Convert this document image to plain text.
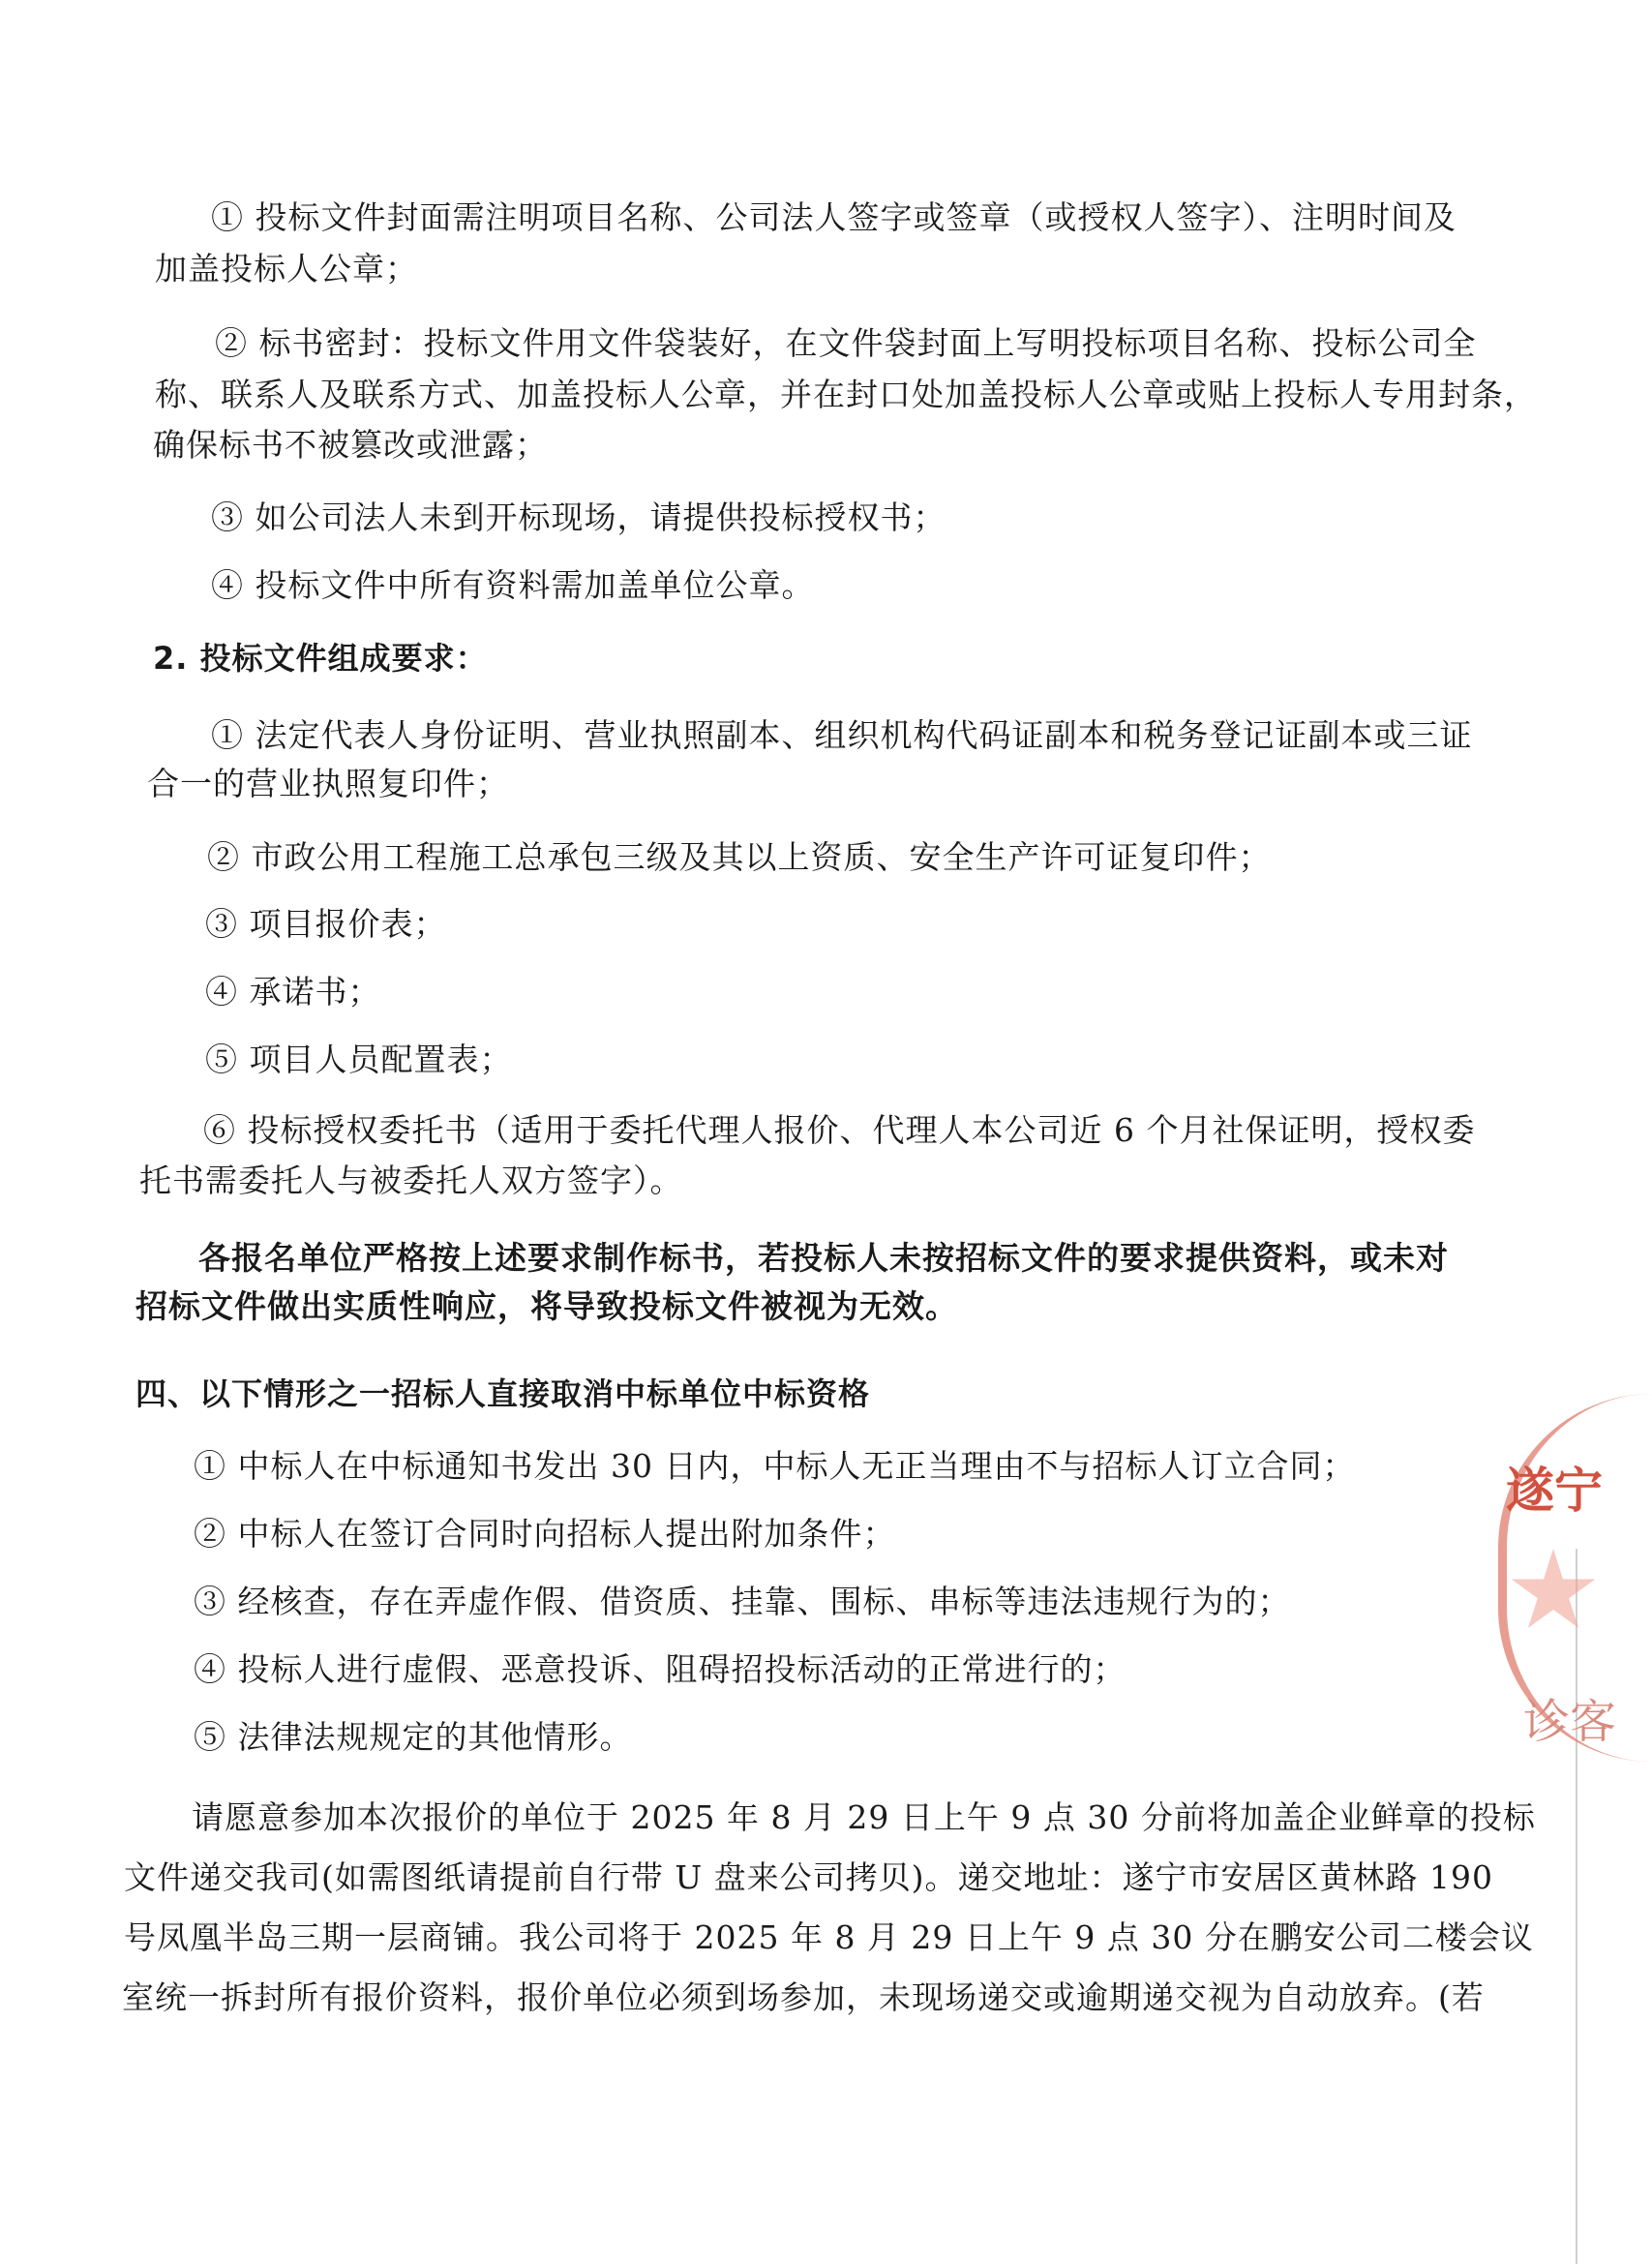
① 投标文件封面需注明项目名称、公司法人签字或签章（或授权人签字）、注明时间及
加盖投标人公章；
② 标书密封：投标文件用文件袋装好，在文件袋封面上写明投标项目名称、投标公司全
称、联系人及联系方式、加盖投标人公章，并在封口处加盖投标人公章或贴上投标人专用封条，
确保标书不被篡改或泄露；
③ 如公司法人未到开标现场，请提供投标授权书；
④ 投标文件中所有资料需加盖单位公章。
2. 投标文件组成要求：
① 法定代表人身份证明、营业执照副本、组织机构代码证副本和税务登记证副本或三证
合一的营业执照复印件；
② 市政公用工程施工总承包三级及其以上资质、安全生产许可证复印件；
③ 项目报价表；
④ 承诺书；
⑤ 项目人员配置表；
⑥ 投标授权委托书（适用于委托代理人报价、代理人本公司近 6 个月社保证明，授权委
托书需委托人与被委托人双方签字）。
各报名单位严格按上述要求制作标书，若投标人未按招标文件的要求提供资料，或未对
招标文件做出实质性响应，将导致投标文件被视为无效。
四、以下情形之一招标人直接取消中标单位中标资格
① 中标人在中标通知书发出 30 日内，中标人无正当理由不与招标人订立合同；
② 中标人在签订合同时向招标人提出附加条件；
③ 经核查，存在弄虚作假、借资质、挂靠、围标、串标等违法违规行为的；
④ 投标人进行虚假、恶意投诉、阻碍招投标活动的正常进行的；
⑤ 法律法规规定的其他情形。
请愿意参加本次报价的单位于 2025 年 8 月 29 日上午 9 点 30 分前将加盖企业鲜章的投标
文件递交我司(如需图纸请提前自行带 U 盘来公司拷贝)。递交地址：遂宁市安居区黄林路 190
号凤凰半岛三期一层商铺。我公司将于 2025 年 8 月 29 日上午 9 点 30 分在鹏安公司二楼会议
室统一拆封所有报价资料，报价单位必须到场参加，未现场递交或逾期递交视为自动放弃。(若
遂宁
诊客
